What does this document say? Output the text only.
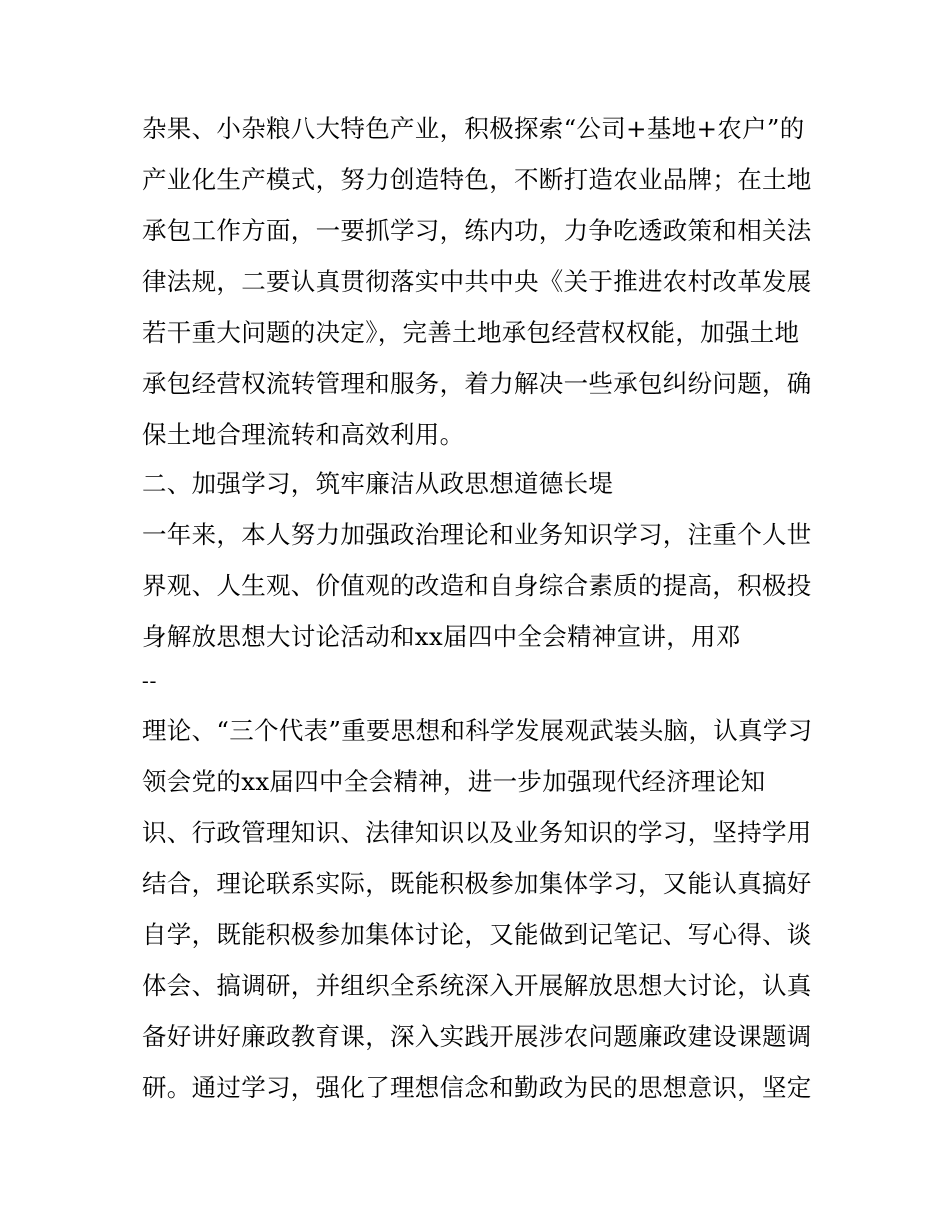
杂果、小杂粮八大特色产业，积极探索“公司+基地+农户”的
产业化生产模式，努力创造特色，不断打造农业品牌；在土地
承包工作方面，一要抓学习，练内功，力争吃透政策和相关法
律法规，二要认真贯彻落实中共中央《关于推进农村改革发展
若干重大问题的决定》，完善土地承包经营权权能，加强土地
承包经营权流转管理和服务，着力解决一些承包纠纷问题，确
保土地合理流转和高效利用。
二、加强学习，筑牢廉洁从政思想道德长堤
一年来，本人努力加强政治理论和业务知识学习，注重个人世
界观、人生观、价值观的改造和自身综合素质的提高，积极投
身解放思想大讨论活动和xx届四中全会精神宣讲，用邓
--
理论、“三个代表”重要思想和科学发展观武装头脑，认真学习
领会党的xx届四中全会精神，进一步加强现代经济理论知
识、行政管理知识、法律知识以及业务知识的学习，坚持学用
结合，理论联系实际，既能积极参加集体学习，又能认真搞好
自学，既能积极参加集体讨论，又能做到记笔记、写心得、谈
体会、搞调研，并组织全系统深入开展解放思想大讨论，认真
备好讲好廉政教育课，深入实践开展涉农问题廉政建设课题调
研。通过学习，强化了理想信念和勤政为民的思想意识，坚定
